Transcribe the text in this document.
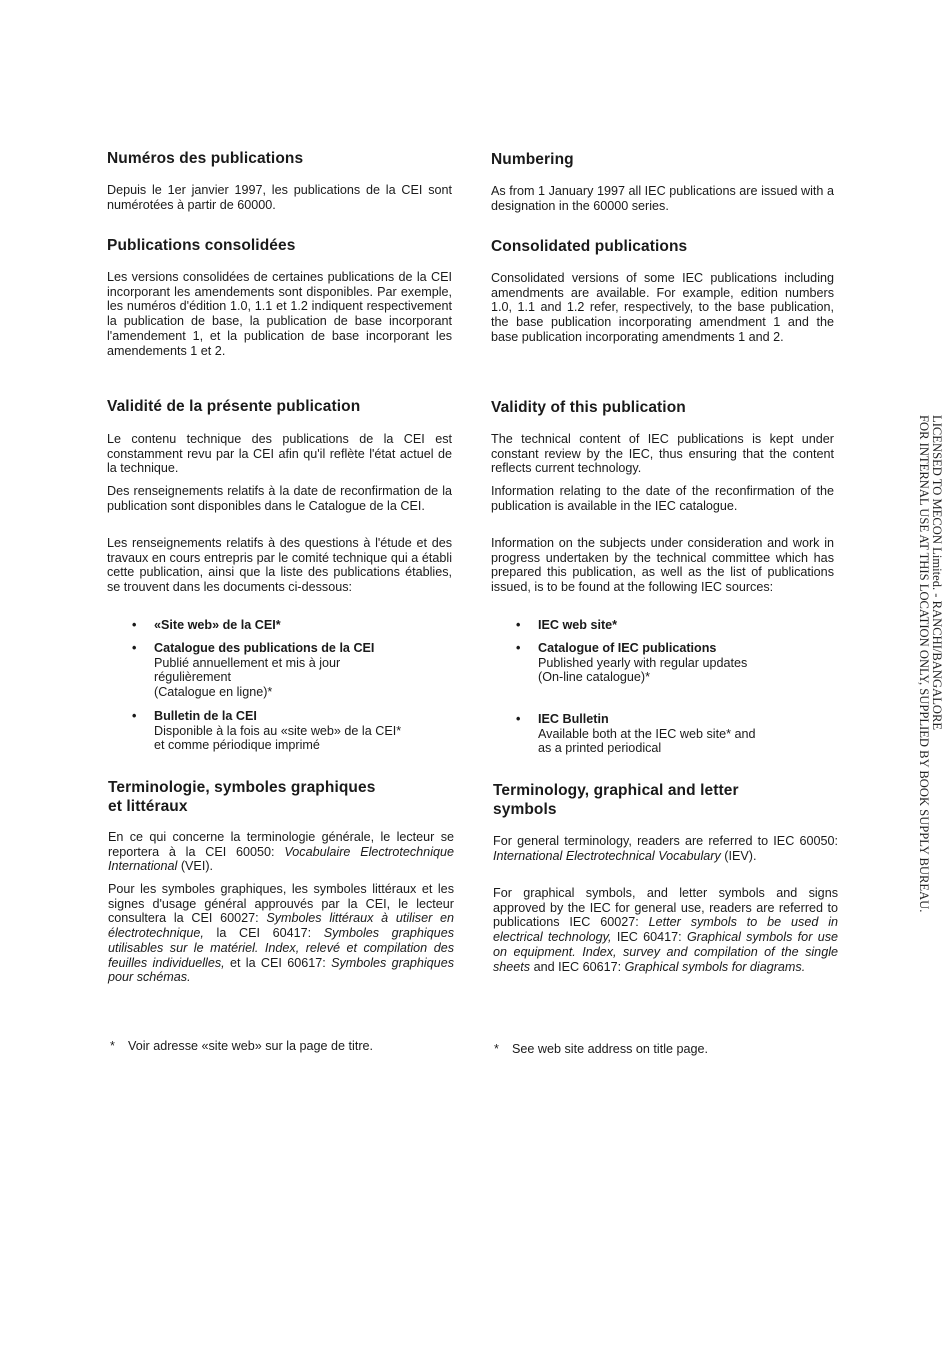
Numéros des publications

Depuis le 1er janvier 1997, les publications de la CEI sont numérotées à partir de 60000.

Publications consolidées

Les versions consolidées de certaines publications de la CEI incorporant les amendements sont disponibles. Par exemple, les numéros d'édition 1.0, 1.1 et 1.2 indiquent respectivement la publication de base, la publication de base incorporant l'amendement 1, et la publication de base incorporant les amendements 1 et 2.

Validité de la présente publication

Le contenu technique des publications de la CEI est constamment revu par la CEI afin qu'il reflète l'état actuel de la technique.

Des renseignements relatifs à la date de reconfirmation de la publication sont disponibles dans le Catalogue de la CEI.

Les renseignements relatifs à des questions à l'étude et des travaux en cours entrepris par le comité technique qui a établi cette publication, ainsi que la liste des publications établies, se trouvent dans les documents ci-dessous:

• «Site web» de la CEI*
• Catalogue des publications de la CEI
Publié annuellement et mis à jour
régulièrement
(Catalogue en ligne)*
• Bulletin de la CEI
Disponible à la fois au «site web» de la CEI*
et comme périodique imprimé
Terminologie, symboles graphiques
et littéraux

En ce qui concerne la terminologie générale, le lecteur se reportera à la CEI 60050: Vocabulaire Electrotechnique International (VEI).

Pour les symboles graphiques, les symboles littéraux et les signes d'usage général approuvés par la CEI, le lecteur consultera la CEI 60027: Symboles littéraux à utiliser en électrotechnique, la CEI 60417: Symboles graphiques utilisables sur le matériel. Index, relevé et compilation des feuilles individuelles, et la CEI 60617: Symboles graphiques pour schémas.

* Voir adresse «site web» sur la page de titre.
Numbering

As from 1 January 1997 all IEC publications are issued with a designation in the 60000 series.

Consolidated publications

Consolidated versions of some IEC publications including amendments are available. For example, edition numbers 1.0, 1.1 and 1.2 refer, respectively, to the base publication, the base publication incorporating amendment 1 and the base publication incorporating amendments 1 and 2.

Validity of this publication

The technical content of IEC publications is kept under constant review by the IEC, thus ensuring that the content reflects current technology.

Information relating to the date of the reconfirmation of the publication is available in the IEC catalogue.

Information on the subjects under consideration and work in progress undertaken by the technical committee which has prepared this publication, as well as the list of publications issued, is to be found at the following IEC sources:

• IEC web site*
• Catalogue of IEC publications
Published yearly with regular updates
(On-line catalogue)*
• IEC Bulletin
Available both at the IEC web site* and
as a printed periodical
Terminology, graphical and letter
symbols

For general terminology, readers are referred to IEC 60050: International Electrotechnical Vocabulary (IEV).

For graphical symbols, and letter symbols and signs approved by the IEC for general use, readers are referred to publications IEC 60027: Letter symbols to be used in electrical technology, IEC 60417: Graphical symbols for use on equipment. Index, survey and compilation of the single sheets and IEC 60617: Graphical symbols for diagrams.

* See web site address on title page.
LICENSED TO MECON Limited. - RANCHI/BANGALORE
FOR INTERNAL USE AT THIS LOCATION ONLY, SUPPLIED BY BOOK SUPPLY BUREAU.
